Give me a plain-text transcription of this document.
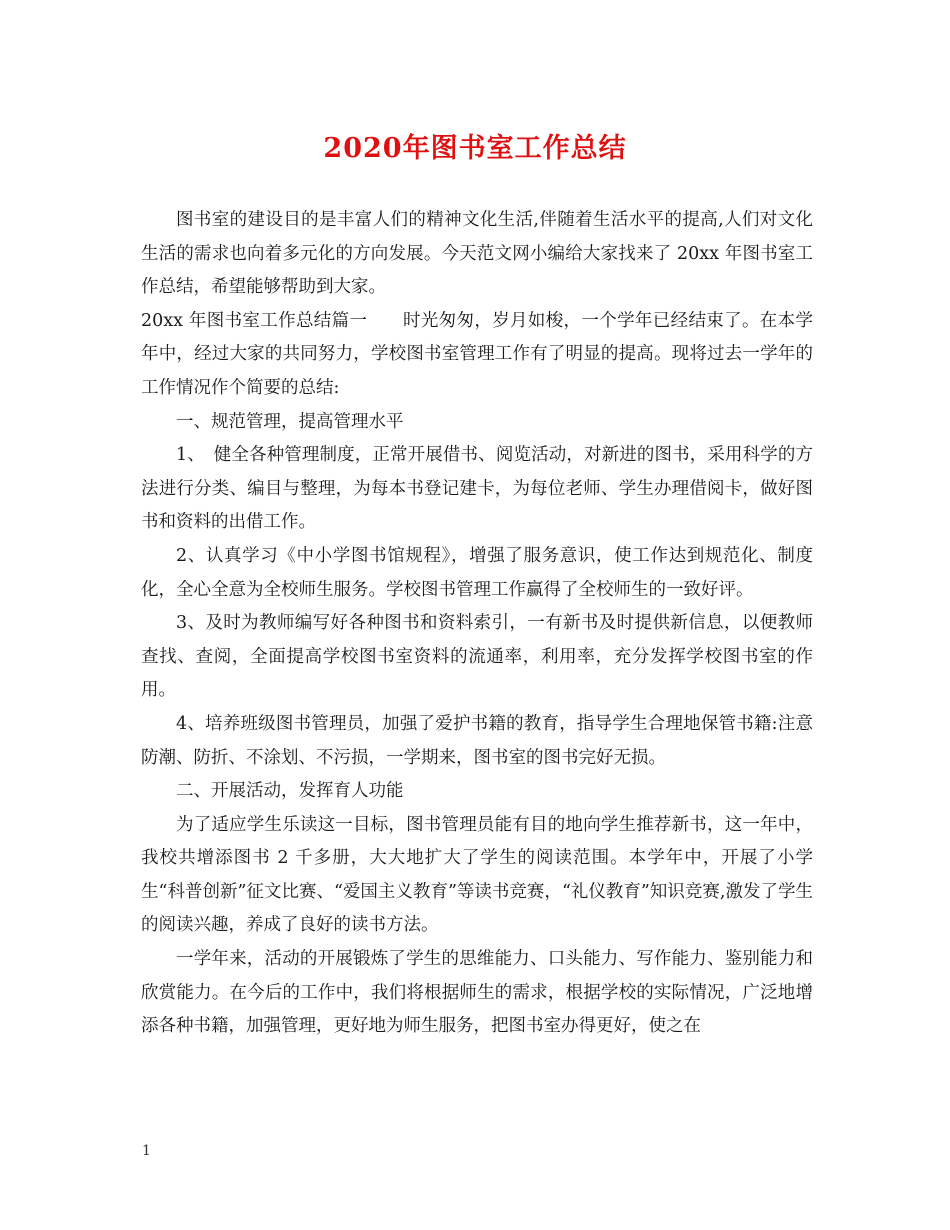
2020年图书室工作总结

图书室的建设目的是丰富人们的精神文化生活,伴随着生活水平的提高,人们对文化生活的需求也向着多元化的方向发展。今天范文网小编给大家找来了 20xx 年图书室工作总结，希望能够帮助到大家。

20xx 年图书室工作总结篇一　　时光匆匆，岁月如梭，一个学年已经结束了。在本学年中，经过大家的共同努力，学校图书室管理工作有了明显的提高。现将过去一学年的工作情况作个简要的总结:

一、规范管理，提高管理水平

1、　健全各种管理制度，正常开展借书、阅览活动，对新进的图书，采用科学的方法进行分类、编目与整理，为每本书登记建卡，为每位老师、学生办理借阅卡，做好图书和资料的出借工作。

2、认真学习《中小学图书馆规程》，增强了服务意识，使工作达到规范化、制度化，全心全意为全校师生服务。学校图书管理工作赢得了全校师生的一致好评。

3、及时为教师编写好各种图书和资料索引，一有新书及时提供新信息，以便教师查找、查阅，全面提高学校图书室资料的流通率，利用率，充分发挥学校图书室的作用。

4、培养班级图书管理员，加强了爱护书籍的教育，指导学生合理地保管书籍:注意防潮、防折、不涂划、不污损，一学期来，图书室的图书完好无损。

二、开展活动，发挥育人功能

为了适应学生乐读这一目标，图书管理员能有目的地向学生推荐新书，这一年中，我校共增添图书 2 千多册，大大地扩大了学生的阅读范围。本学年中，开展了小学 生“科普创新”征文比赛、“爱国主义教育”等读书竞赛，“礼仪教育”知识竞赛,激发了学生的阅读兴趣，养成了良好的读书方法。

一学年来，活动的开展锻炼了学生的思维能力、口头能力、写作能力、鉴别能力和欣赏能力。在今后的工作中，我们将根据师生的需求，根据学校的实际情况，广泛地增添各种书籍，加强管理，更好地为师生服务，把图书室办得更好，使之在

1
